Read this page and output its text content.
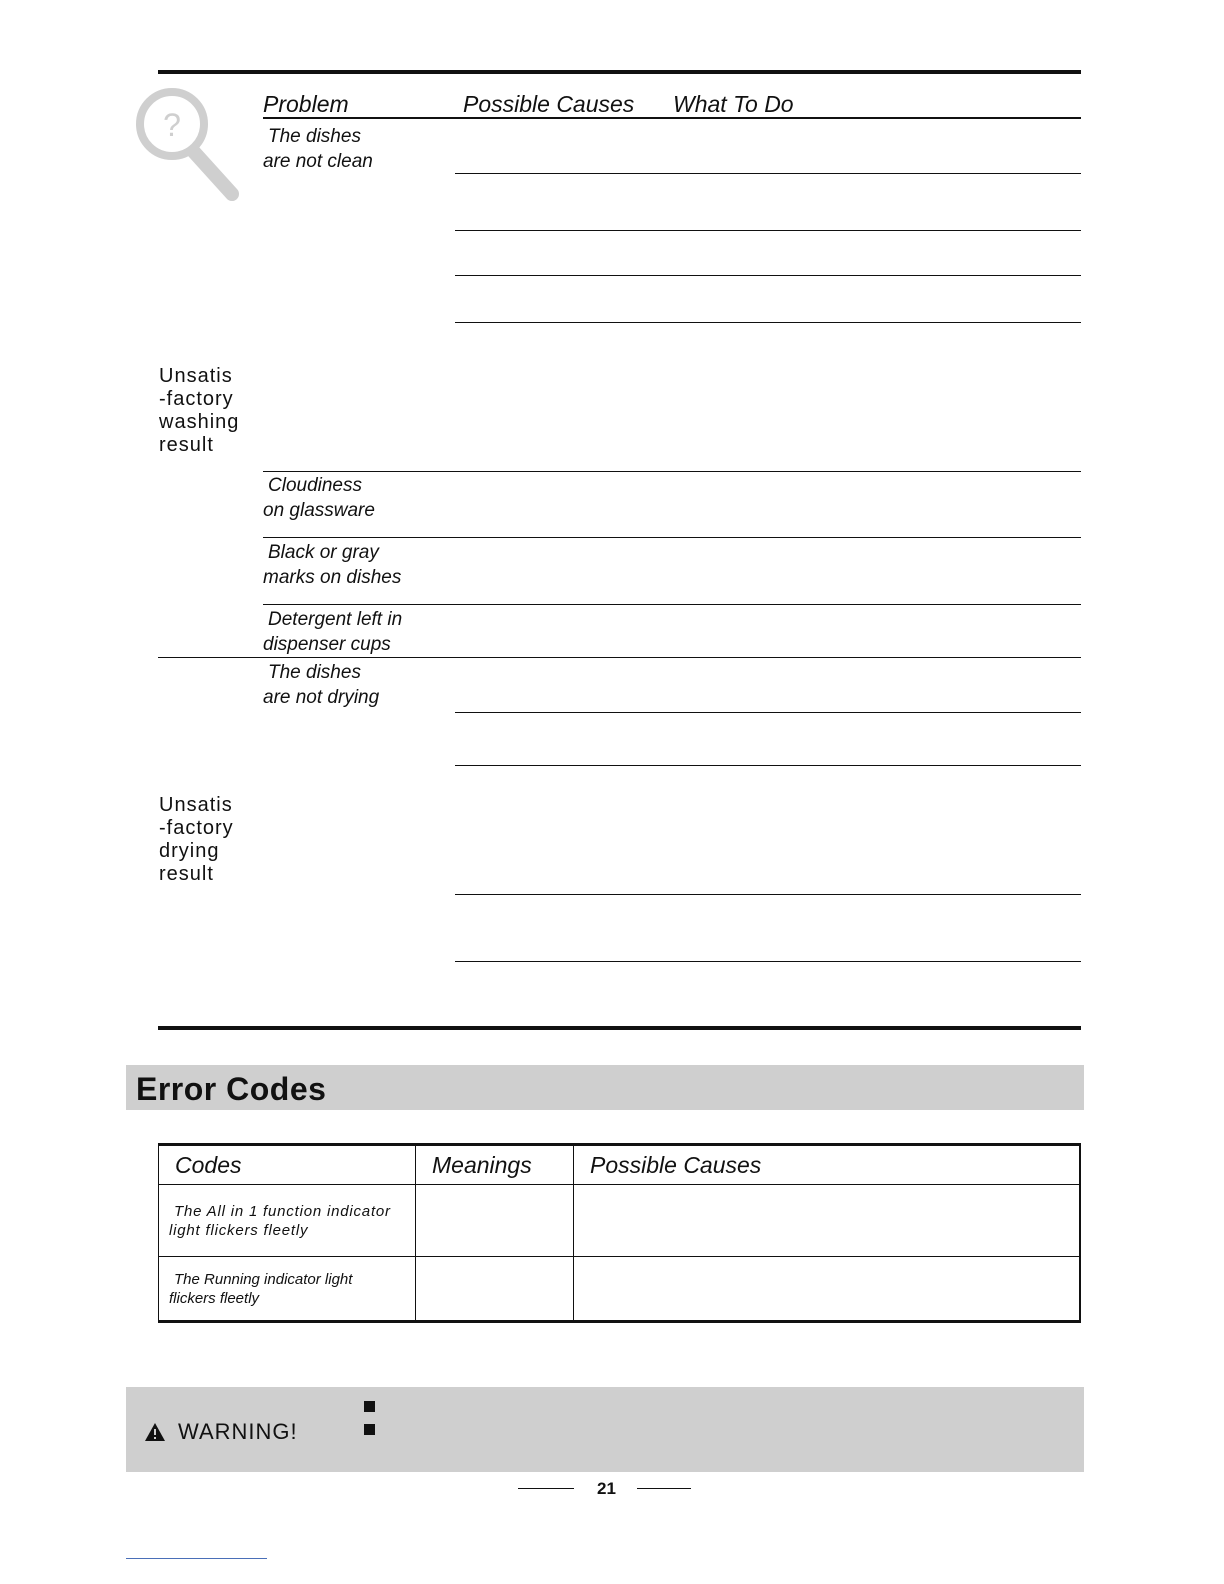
?
Problem	Possible Causes What To Do
The dishes
are not clean
Unsatis
-factory
washing
result
Cloudiness
on glassware
Black or gray
marks on dishes
Detergent left in
dispenser cups
The dishes
are not drying
Unsatis
-factory
drying
result
Error Codes
Codes	Meanings	Possible Causes

The All in 1 function indicator
light flickers fleetly		

The Running indicator light
flickers fleetly		

WARNING!
21
